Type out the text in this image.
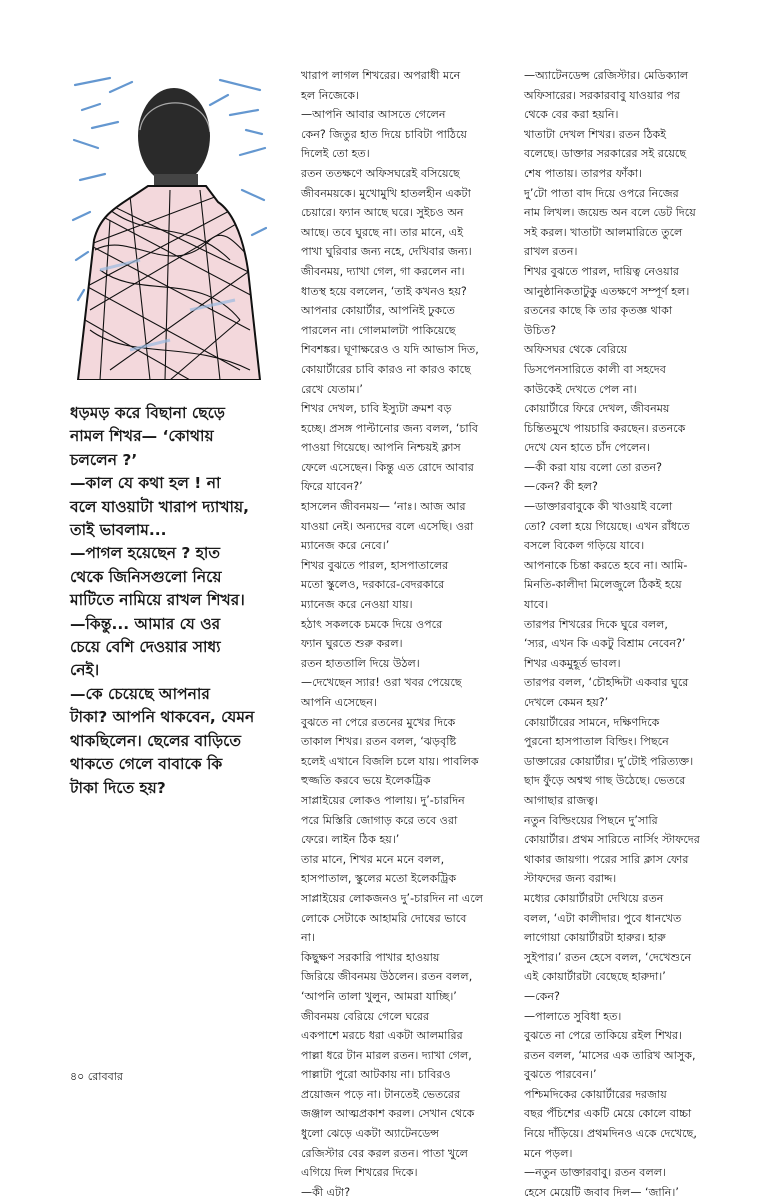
ধড়মড় করে বিছানা ছেড়ে

নামল শিখর— ‘কোথায়

চললেন ?’

—কাল যে কথা হল ! না

বলে যাওয়াটা খারাপ দ্যাখায়,

তাই ভাবলাম...

—পাগল হয়েছেন ? হাত

থেকে জিনিসগুলো নিয়ে

মাটিতে নামিয়ে রাখল শিখর।

—কিন্তু... আমার যে ওর

চেয়ে বেশি দেওয়ার সাধ্য

নেই।

—কে চেয়েছে আপনার

টাকা? আপনি থাকবেন, যেমন

থাকছিলেন। ছেলের বাড়িতে

থাকতে গেলে বাবাকে কি

টাকা দিতে হয়?

খারাপ লাগল শিখরের। অপরাধী মনে

হল নিজেকে।

—আপনি আবার আসতে গেলেন

কেন? জিতুর হাত দিয়ে চাবিটা পাঠিয়ে

দিলেই তো হত।

রতন ততক্ষণে অফিসঘরেই বসিয়েছে

জীবনময়কে। মুখোমুখি হাতলহীন একটা

চেয়ারে। ফ্যান আছে ঘরে। সুইচও অন

আছে। তবে ঘুরছে না। তার মানে, এই

পাখা ঘুরিবার জন্য নহে, দেখিবার জন্য।

জীবনময়, দ্যাখা গেল, গা করলেন না।

ধাতস্থ হয়ে বললেন, ‘তাই কখনও হয়?

আপনার কোয়ার্টার, আপনিই ঢুকতে

পারলেন না। গোলমালটা পাকিয়েছে

শিবশঙ্কর। ঘূণাক্ষরেও ও যদি আভাস দিত,

কোয়ার্টারের চাবি কারও না কারও কাছে

রেখে যেতাম।’

শিখর দেখল, চাবি ইস্যুটা ক্রমশ বড়

হচ্ছে। প্রসঙ্গ পাল্টানোর জন্য বলল, ‘চাবি

পাওয়া গিয়েছে। আপনি নিশ্চয়ই ক্লাস

ফেলে এসেছেন। কিন্তু এত রোদে আবার

ফিরে যাবেন?’

হাসলেন জীবনময়— ‘নাঃ। আজ আর

যাওয়া নেই। অন্যদের বলে এসেছি। ওরা

ম্যানেজ করে নেবে।’

শিখর বুঝতে পারল, হাসপাতালের

মতো স্কুলেও, দরকারে-বেদরকারে

ম্যানেজ করে নেওয়া যায়।

হঠাৎ সকলকে চমকে দিয়ে ওপরে

ফ্যান ঘুরতে শুরু করল।

রতন হাততালি দিয়ে উঠল।

—দেখেছেন স্যার! ওরা খবর পেয়েছে

আপনি এসেছেন।

বুঝতে না পেরে রতনের মুখের দিকে

তাকাল শিখর। রতন বলল, ‘ঝড়বৃষ্টি

হলেই এখানে বিজলি চলে যায়। পাবলিক

হুজ্জতি করবে ভয়ে ইলেকট্রিক

সাপ্লাইয়ের লোকও পালায়। দু’-চারদিন

পরে মিস্তিরি জোগাড় করে তবে ওরা

ফেরে। লাইন ঠিক হয়।’

তার মানে, শিখর মনে মনে বলল,

হাসপাতাল, স্কুলের মতো ইলেকট্রিক

সাপ্লাইয়ের লোকজনও দু’-চারদিন না এলে

লোকে সেটাকে আহামরি দোষের ভাবে

না।

কিছুক্ষণ সরকারি পাখার হাওয়ায়

জিরিয়ে জীবনময় উঠলেন। রতন বলল,

‘আপনি তালা খুলুন, আমরা যাচ্ছি।’

জীবনময় বেরিয়ে গেলে ঘরের

একপাশে মরচে ধরা একটা আলমারির

পাল্লা ধরে টান মারল রতন। দ্যাখা গেল,

পাল্লাটা পুরো আটকায় না। চাবিরও

প্রয়োজন পড়ে না। টানতেই ভেতরের

জঞ্জাল আত্মপ্রকাশ করল। সেখান থেকে

ধুলো ঝেড়ে একটা অ্যাটেনডেন্স

রেজিস্টার বের করল রতন। পাতা খুলে

এগিয়ে দিল শিখরের দিকে।

—কী এটা?

—অ্যাটেনডেন্স রেজিস্টার। মেডিক্যাল

অফিসারের। সরকারবাবু যাওয়ার পর

থেকে বের করা হয়নি।

খাতাটা দেখল শিখর। রতন ঠিকই

বলেছে। ডাক্তার সরকারের সই রয়েছে

শেষ পাতায়। তারপর ফাঁকা।

দু’টো পাতা বাদ দিয়ে ওপরে নিজের

নাম লিখল। জয়েন্ড অন বলে ডেট দিয়ে

সই করল। খাতাটা আলমারিতে তুলে

রাখল রতন।

শিখর বুঝতে পারল, দায়িত্ব নেওয়ার

আনুষ্ঠানিকতাটুকু এতক্ষণে সম্পূর্ণ হল।

রতনের কাছে কি তার কৃতজ্ঞ থাকা

উচিত?

অফিসঘর থেকে বেরিয়ে

ডিসপেনসারিতে কালী বা সহদেব

কাউকেই দেখতে পেল না।

কোয়ার্টারে ফিরে দেখল, জীবনময়

চিন্তিতমুখে পায়চারি করছেন। রতনকে

দেখে যেন হাতে চাঁদ পেলেন।

—কী করা যায় বলো তো রতন?

—কেন? কী হল?

—ডাক্তারবাবুকে কী খাওয়াই বলো

তো? বেলা হয়ে গিয়েছে। এখন রাঁধতে

বসলে বিকেল গড়িয়ে যাবে।

আপনাকে চিন্তা করতে হবে না। আমি-

মিনতি-কালীদা মিলেজুলে ঠিকই হয়ে

যাবে।

তারপর শিখরের দিকে ঘুরে বলল,

‘স্যর, এখন কি একটু বিশ্রাম নেবেন?’

শিখর একমুহূর্ত ভাবল।

তারপর বলল, ‘চৌহদ্দিটা একবার ঘুরে

দেখলে কেমন হয়?’

কোয়ার্টারের সামনে, দক্ষিণদিকে

পুরনো হাসপাতাল বিল্ডিং। পিছনে

ডাক্তারের কোয়ার্টার। দু’টোই পরিত্যক্ত।

ছাদ ফুঁড়ে অশ্বত্থ গাছ উঠেছে। ভেতরে

আগাছার রাজত্ব।

নতুন বিল্ডিংয়ের পিছনে দু’সারি

কোয়ার্টার। প্রথম সারিতে নার্সিং স্টাফদের

থাকার জায়গা। পরের সারি ক্লাস ফোর

স্টাফদের জন্য বরাদ্দ।

মধ্যের কোয়ার্টারটা দেখিয়ে রতন

বলল, ‘এটা কালীদার। পুবে ধানখেত

লাগোয়া কোয়ার্টারটা হারুর। হারু

সুইপার।’ রতন হেসে বলল, ‘দেখেশুনে

এই কোয়ার্টারটা বেছেছে হারুদা।’

—কেন?

—পালাতে সুবিধা হত।

বুঝতে না পেরে তাকিয়ে রইল শিখর।

রতন বলল, ‘মাসের এক তারিখ আসুক,

বুঝতে পারবেন।’

পশ্চিমদিকের কোয়ার্টারের দরজায়

বছর পঁচিশের একটি মেয়ে কোলে বাচ্চা

নিয়ে দাঁড়িয়ে। প্রথমদিনও একে দেখেছে,

মনে পড়ল।

—নতুন ডাক্তারবাবু। রতন বলল।

হেসে মেয়েটি জবাব দিল— ‘জানি।’

৪০ রোববার
